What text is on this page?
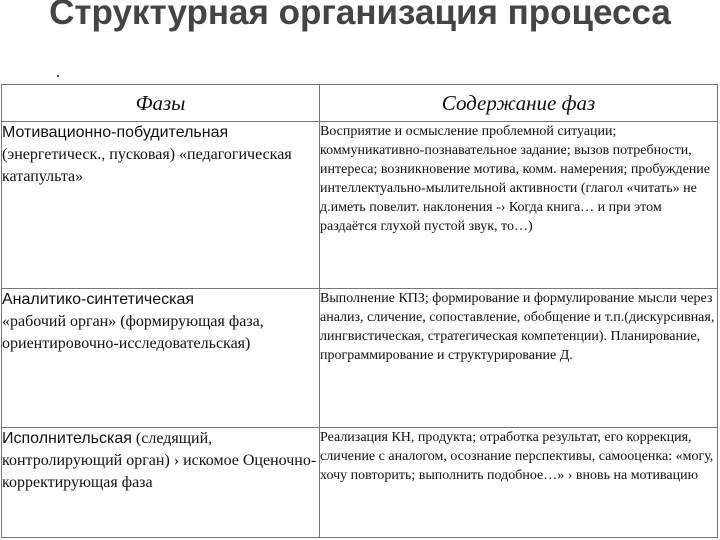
Структурная организация процесса
Фазы	Содержание фаз
Мотивационно-побудительная
(энергетическ., пусковая) «педагогическая катапульта»	Восприятие и осмысление проблемной ситуации; коммуникативно-познавательное задание; вызов потребности, интереса; возникновение мотива, комм. намерения; пробуждение интеллектуально-мылительной активности (глагол «читать» не д.иметь повелит. наклонения -› Когда книга… и при этом раздаётся глухой пустой звук, то…)
Аналитико-синтетическая
«рабочий орган» (формирующая фаза, ориентировочно-исследовательская)	Выполнение КПЗ; формирование и формулирование мысли через анализ, сличение, сопоставление, обобщение и т.п.(дискурсивная, лингвистическая, стратегическая компетенции). Планирование, программирование и структурирование Д.
Исполнительская (следящий, контролирующий орган) › искомое Оценочно-корректирующая фаза	Реализация КН, продукта; отработка результат, его коррекция, сличение с аналогом, осознание перспективы, самооценка: «могу, хочу повторить; выполнить подобное…» › вновь на мотивацию
